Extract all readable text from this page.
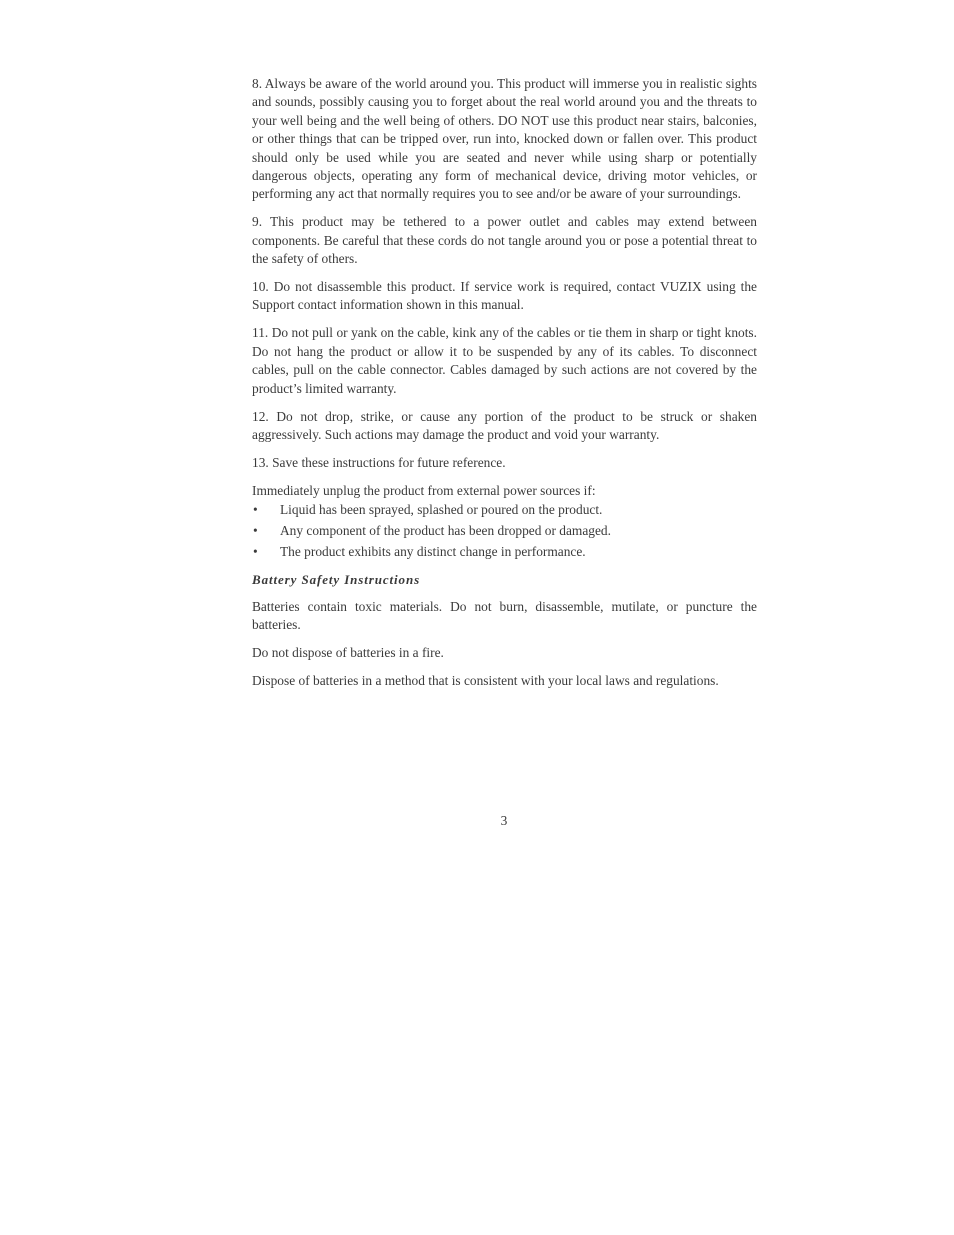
8. Always be aware of the world around you. This product will immerse you in realistic sights and sounds, possibly causing you to forget about the real world around you and the threats to your well being and the well being of others. DO NOT use this product near stairs, balconies, or other things that can be tripped over, run into, knocked down or fallen over. This product should only be used while you are seated and never while using sharp or potentially dangerous objects, operating any form of mechanical device, driving motor vehicles, or performing any act that normally requires you to see and/or be aware of your surroundings.

9. This product may be tethered to a power outlet and cables may extend between components. Be careful that these cords do not tangle around you or pose a potential threat to the safety of others.

10. Do not disassemble this product. If service work is required, contact VUZIX using the Support contact information shown in this manual.

11. Do not pull or yank on the cable, kink any of the cables or tie them in sharp or tight knots. Do not hang the product or allow it to be suspended by any of its cables. To disconnect cables, pull on the cable connector. Cables damaged by such actions are not covered by the product’s limited warranty.

12. Do not drop, strike, or cause any portion of the product to be struck or shaken aggressively. Such actions may damage the product and void your warranty.

13. Save these instructions for future reference.

Immediately unplug the product from external power sources if:

• Liquid has been sprayed, splashed or poured on the product.
• Any component of the product has been dropped or damaged.
• The product exhibits any distinct change in performance.
Battery Safety Instructions

Batteries contain toxic materials. Do not burn, disassemble, mutilate, or puncture the batteries.

Do not dispose of batteries in a fire.

Dispose of batteries in a method that is consistent with your local laws and regulations.

3
